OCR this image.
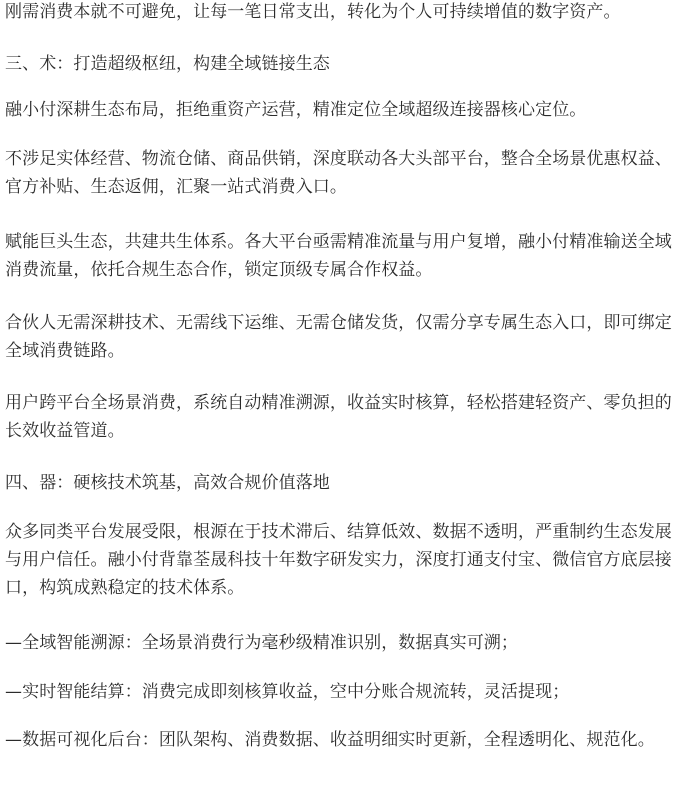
刚需消费本就不可避免，让每一笔日常支出，转化为个人可持续增值的数字资产。

三、术：打造超级枢纽，构建全域链接生态

融小付深耕生态布局，拒绝重资产运营，精准定位全域超级连接器核心定位。

不涉足实体经营、物流仓储、商品供销，深度联动各大头部平台，整合全场景优惠权益、官方补贴、生态返佣，汇聚一站式消费入口。

赋能巨头生态，共建共生体系。各大平台亟需精准流量与用户复增，融小付精准输送全域消费流量，依托合规生态合作，锁定顶级专属合作权益。

合伙人无需深耕技术、无需线下运维、无需仓储发货，仅需分享专属生态入口，即可绑定全域消费链路。

用户跨平台全场景消费，系统自动精准溯源，收益实时核算，轻松搭建轻资产、零负担的长效收益管道。

四、器：硬核技术筑基，高效合规价值落地

众多同类平台发展受限，根源在于技术滞后、结算低效、数据不透明，严重制约生态发展与用户信任。融小付背靠荃晟科技十年数字研发实力，深度打通支付宝、微信官方底层接口，构筑成熟稳定的技术体系。

—全域智能溯源：全场景消费行为毫秒级精准识别，数据真实可溯；

—实时智能结算：消费完成即刻核算收益，空中分账合规流转，灵活提现；

—数据可视化后台：团队架构、消费数据、收益明细实时更新，全程透明化、规范化。
